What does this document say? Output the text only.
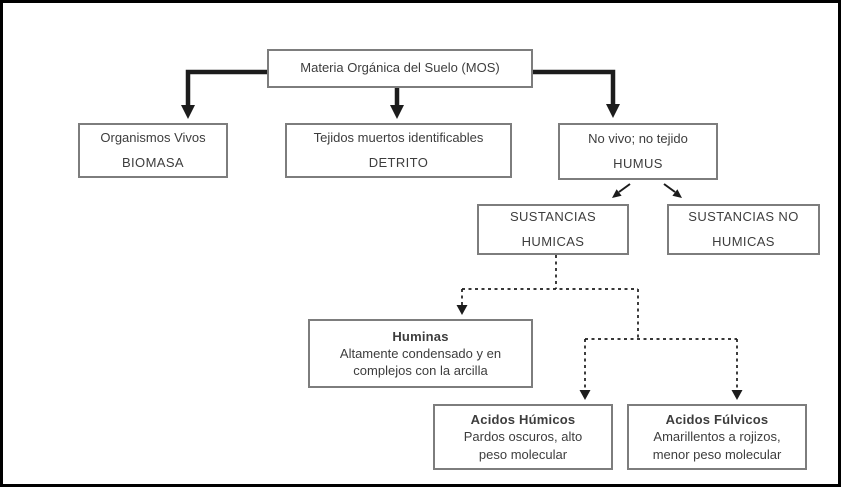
Materia Orgánica del Suelo (MOS)
Organismos Vivos
BIOMASA
Tejidos muertos identificables
DETRITO
No vivo; no tejido
HUMUS
SUSTANCIAS
HUMICAS
SUSTANCIAS NO
HUMICAS
Huminas
Altamente condensado y en
complejos con la arcilla
Acidos Húmicos
Pardos oscuros, alto
peso molecular
Acidos Fúlvicos
Amarillentos a rojizos,
menor peso molecular
